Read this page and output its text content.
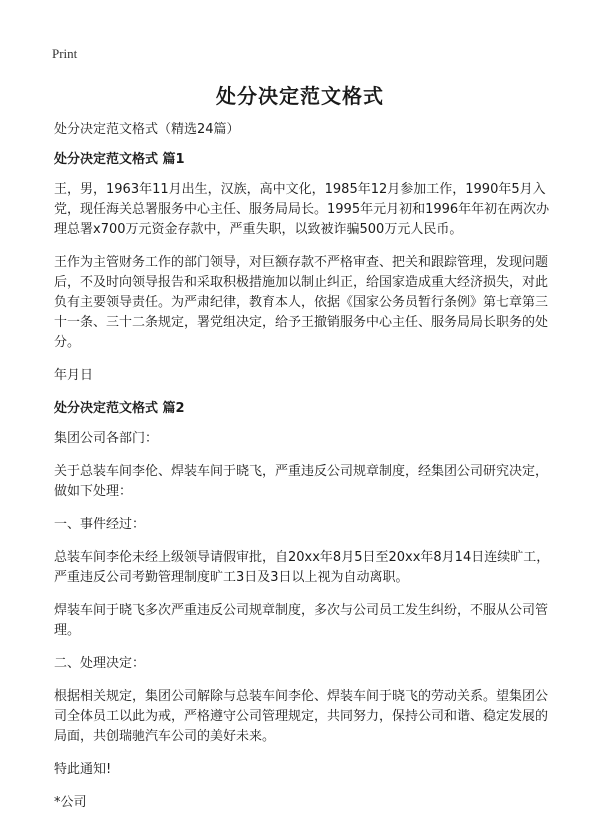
Print
处分决定范文格式

处分决定范文格式（精选24篇）

处分决定范文格式 篇1

王，男，1963年11月出生，汉族，高中文化，1985年12月参加工作，1990年5月入党，现任海关总署服务中心主任、服务局局长。1995年元月初和1996年年初在两次办理总署x700万元资金存款中，严重失职，以致被诈骗500万元人民币。

王作为主管财务工作的部门领导，对巨额存款不严格审查、把关和跟踪管理，发现问题后，不及时向领导报告和采取积极措施加以制止纠正，给国家造成重大经济损失，对此负有主要领导责任。为严肃纪律，教育本人，依据《国家公务员暂行条例》第七章第三十一条、三十二条规定，署党组决定，给予王撤销服务中心主任、服务局局长职务的处分。

年月日

处分决定范文格式 篇2

集团公司各部门：

关于总装车间李伦、焊装车间于晓飞，严重违反公司规章制度，经集团公司研究决定，做如下处理：

一、事件经过：

总装车间李伦未经上级领导请假审批，自20xx年8月5日至20xx年8月14日连续旷工，严重违反公司考勤管理制度旷工3日及3日以上视为自动离职。

焊装车间于晓飞多次严重违反公司规章制度，多次与公司员工发生纠纷，不服从公司管理。

二、处理决定：

根据相关规定，集团公司解除与总装车间李伦、焊装车间于晓飞的劳动关系。望集团公司全体员工以此为戒，严格遵守公司管理规定，共同努力，保持公司和谐、稳定发展的局面，共创瑞驰汽车公司的美好未来。

特此通知!

*公司
